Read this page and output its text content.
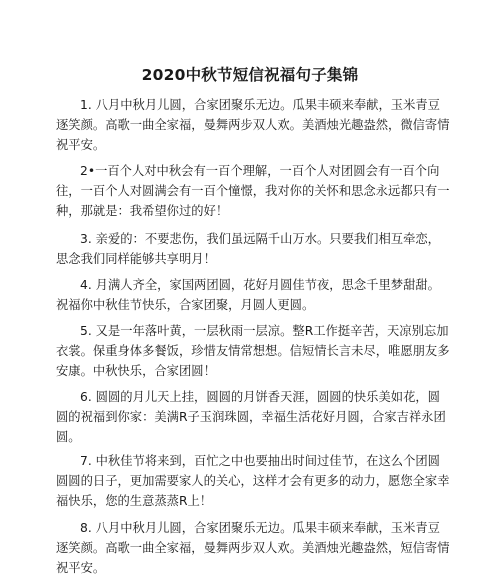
2020中秋节短信祝福句子集锦

1. 八月中秋月儿圆，合家团聚乐无边。瓜果丰硕来奉献，玉米青豆逐笑颜。高歌一曲全家福，曼舞两步双人欢。美酒烛光趣盎然，微信寄情祝平安。

2•一百个人对中秋会有一百个理解，一百个人对团圆会有一百个向往，一百个人对圆满会有一百个憧憬，我对你的关怀和思念永远都只有一种，那就是：我希望你过的好！

3. 亲爱的：不要悲伤，我们虽远隔千山万水。只要我们相互牵恋，思念我们同样能够共享明月！

4. 月满人齐全，家国两团圆，花好月圆佳节夜，思念千里梦甜甜。祝福你中秋佳节快乐，合家团聚，月圆人更圆。

5. 又是一年落叶黄，一层秋雨一层凉。整R工作挺辛苦，天凉别忘加衣裳。保重身体多餐饭，珍惜友情常想想。信短情长言未尽，唯愿朋友多安康。中秋快乐，合家团圆！

6. 圆圆的月儿天上挂，圆圆的月饼香天涯，圆圆的快乐美如花，圆圆的祝福到你家：美满R子玉润珠圆，幸福生活花好月圆，合家吉祥永团圆。

7. 中秋佳节将来到，百忙之中也要抽出时间过佳节，在这么个团圆圆圆的日子，更加需要家人的关心，这样才会有更多的动力，愿您全家幸福快乐，您的生意蒸蒸R上！

8. 八月中秋月儿圆，合家团聚乐无边。瓜果丰硕来奉献，玉米青豆逐笑颜。高歌一曲全家福，曼舞两步双人欢。美酒烛光趣盎然，短信寄情祝平安。
